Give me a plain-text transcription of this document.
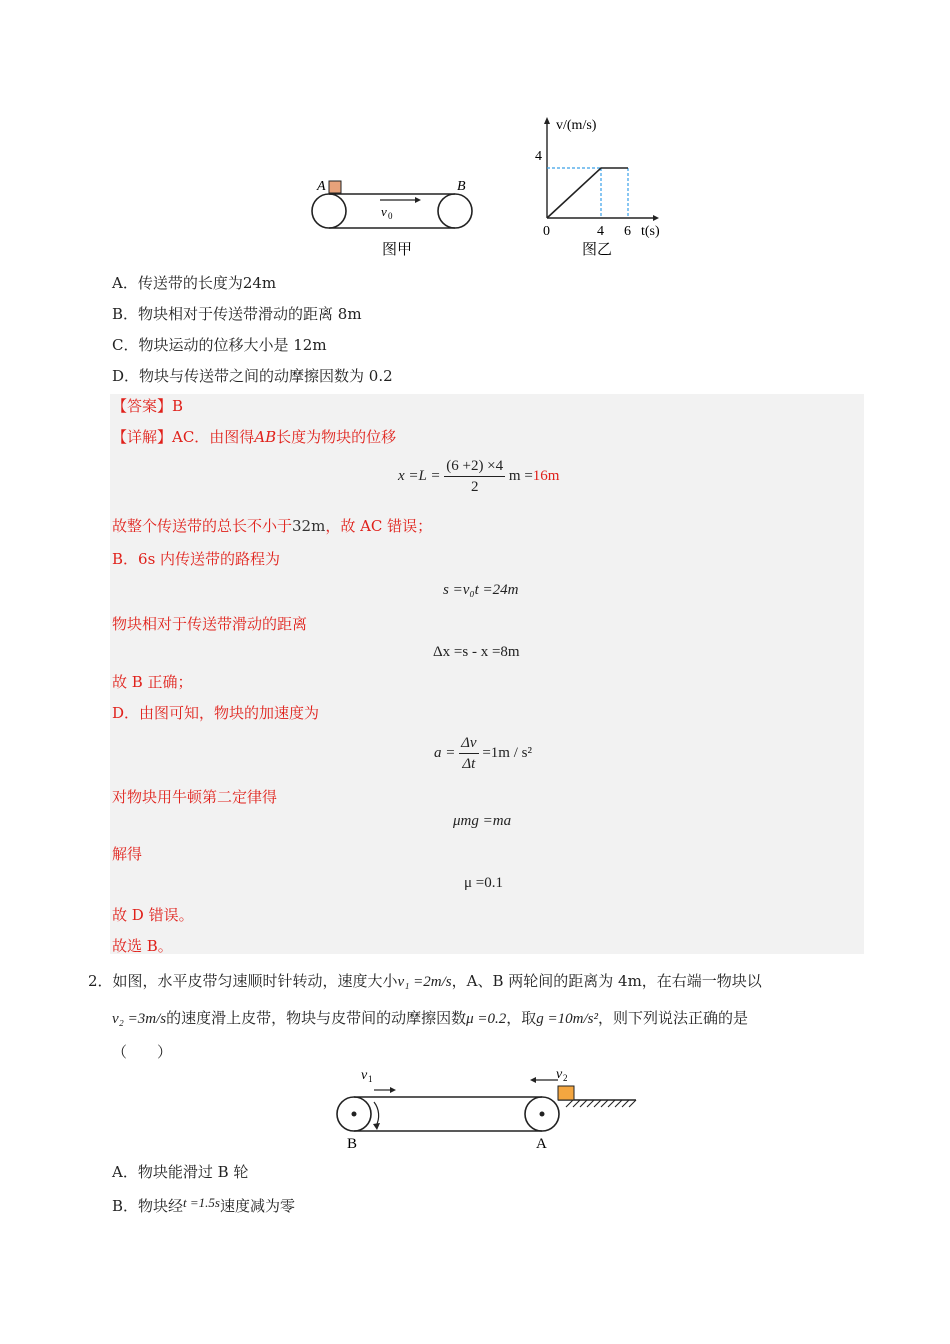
A	B
v 0
图甲
v/(m/s)
t(s)
4
0	4 6
图乙
A．传送带的长度为24m
B．物块相对于传送带滑动的距离 8m
C．物块运动的位移大小是 12m
D．物块与传送带之间的动摩擦因数为 0.2
【答案】B
【详解】AC．由图得AB长度为物块的位移
$x =L = \frac{(6 +2) \times 4}{2}$ m =16m
故整个传送带的总长不小于32m，故 AC 错误；
B．6s 内传送带的路程为
s =v₀t =24m
物块相对于传送带滑动的距离
Δx =s - x =8m
故 B 正确；
D．由图可知，物块的加速度为
$a = \frac{\Delta v}{\Delta t} =1m / s^2$
对物块用牛顿第二定律得
μmg =ma
解得
μ =0.1
故 D 错误。
故选 B。
2．如图，水平皮带匀速顺时针转动，速度大小v₁ =2m/s，A、B 两轮间的距离为 4m，在右端一物块以
v₂ =3m/s的速度滑上皮带，物块与皮带间的动摩擦因数μ =0.2，取g =10m/s²，则下列说法正确的是
（　　）
v 1	v 2
B	A
A．物块能滑过 B 轮
B．物块经t =1.5s速度减为零
